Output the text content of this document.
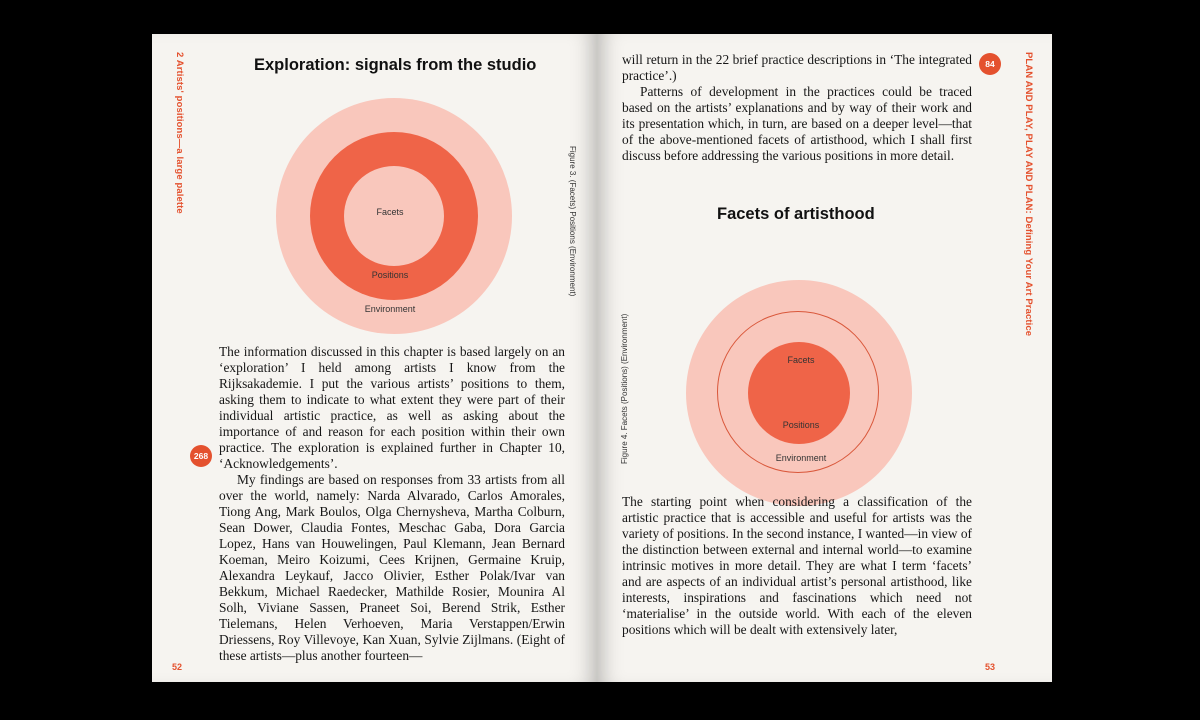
2 Artists' positions—a large palette	Exploration: signals from the studio
Facets
Positions
Environment
Figure 3. (Facets) Positions (Environment)
268

The information discussed in this chapter is based largely on an ‘exploration’ I held among artists I know from the Rijksakademie. I put the various artists’ positions to them, asking them to indicate to what extent they were part of their individual artistic practice, as well as asking about the importance of and reason for each position within their own practice. The exploration is explained further in Chapter 10, ‘Acknowledgements’.

My findings are based on responses from 33 artists from all over the world, namely: Narda Alvarado, Carlos Amorales, Tiong Ang, Mark Boulos, Olga Chernysheva, Martha Colburn, Sean Dower, Claudia Fontes, Meschac Gaba, Dora Garcia Lopez, Hans van Houwelingen, Paul Klemann, Jean Bernard Koeman, Meiro Koizumi, Cees Krijnen, Germaine Kruip, Alexandra Leykauf, Jacco Olivier, Esther Polak/Ivar van Bekkum, Michael Raedecker, Mathilde Rosier, Mounira Al Solh, Viviane Sassen, Praneet Soi, Berend Strik, Esther Tielemans, Helen Verhoeven, Maria Verstappen/Erwin Driessens, Roy Villevoye, Kan Xuan, Sylvie Zijlmans. (Eight of these artists—plus another fourteen—

52

will return in the 22 brief practice descriptions in ‘The integrated practice’.)

Patterns of development in the practices could be traced based on the artists’ explanations and by way of their work and its presentation which, in turn, are based on a deeper level—that of the above-mentioned facets of artisthood, which I shall first discuss before addressing the various positions in more detail.

84	PLAN AND PLAY, PLAY AND PLAN: Defining Your Art Practice
Facets of artisthood
Figure 4. Facets (Positions) (Environment)	Facets
Positions
Environment

The starting point when considering a classification of the artistic practice that is accessible and useful for artists was the variety of positions. In the second instance, I wanted—in view of the distinction between external and internal world—to examine intrinsic motives in more detail. They are what I term ‘facets’ and are aspects of an individual artist’s personal artisthood, like interests, inspirations and fascinations which need not ‘materialise’ in the outside world. With each of the eleven positions which will be dealt with extensively later,

53
